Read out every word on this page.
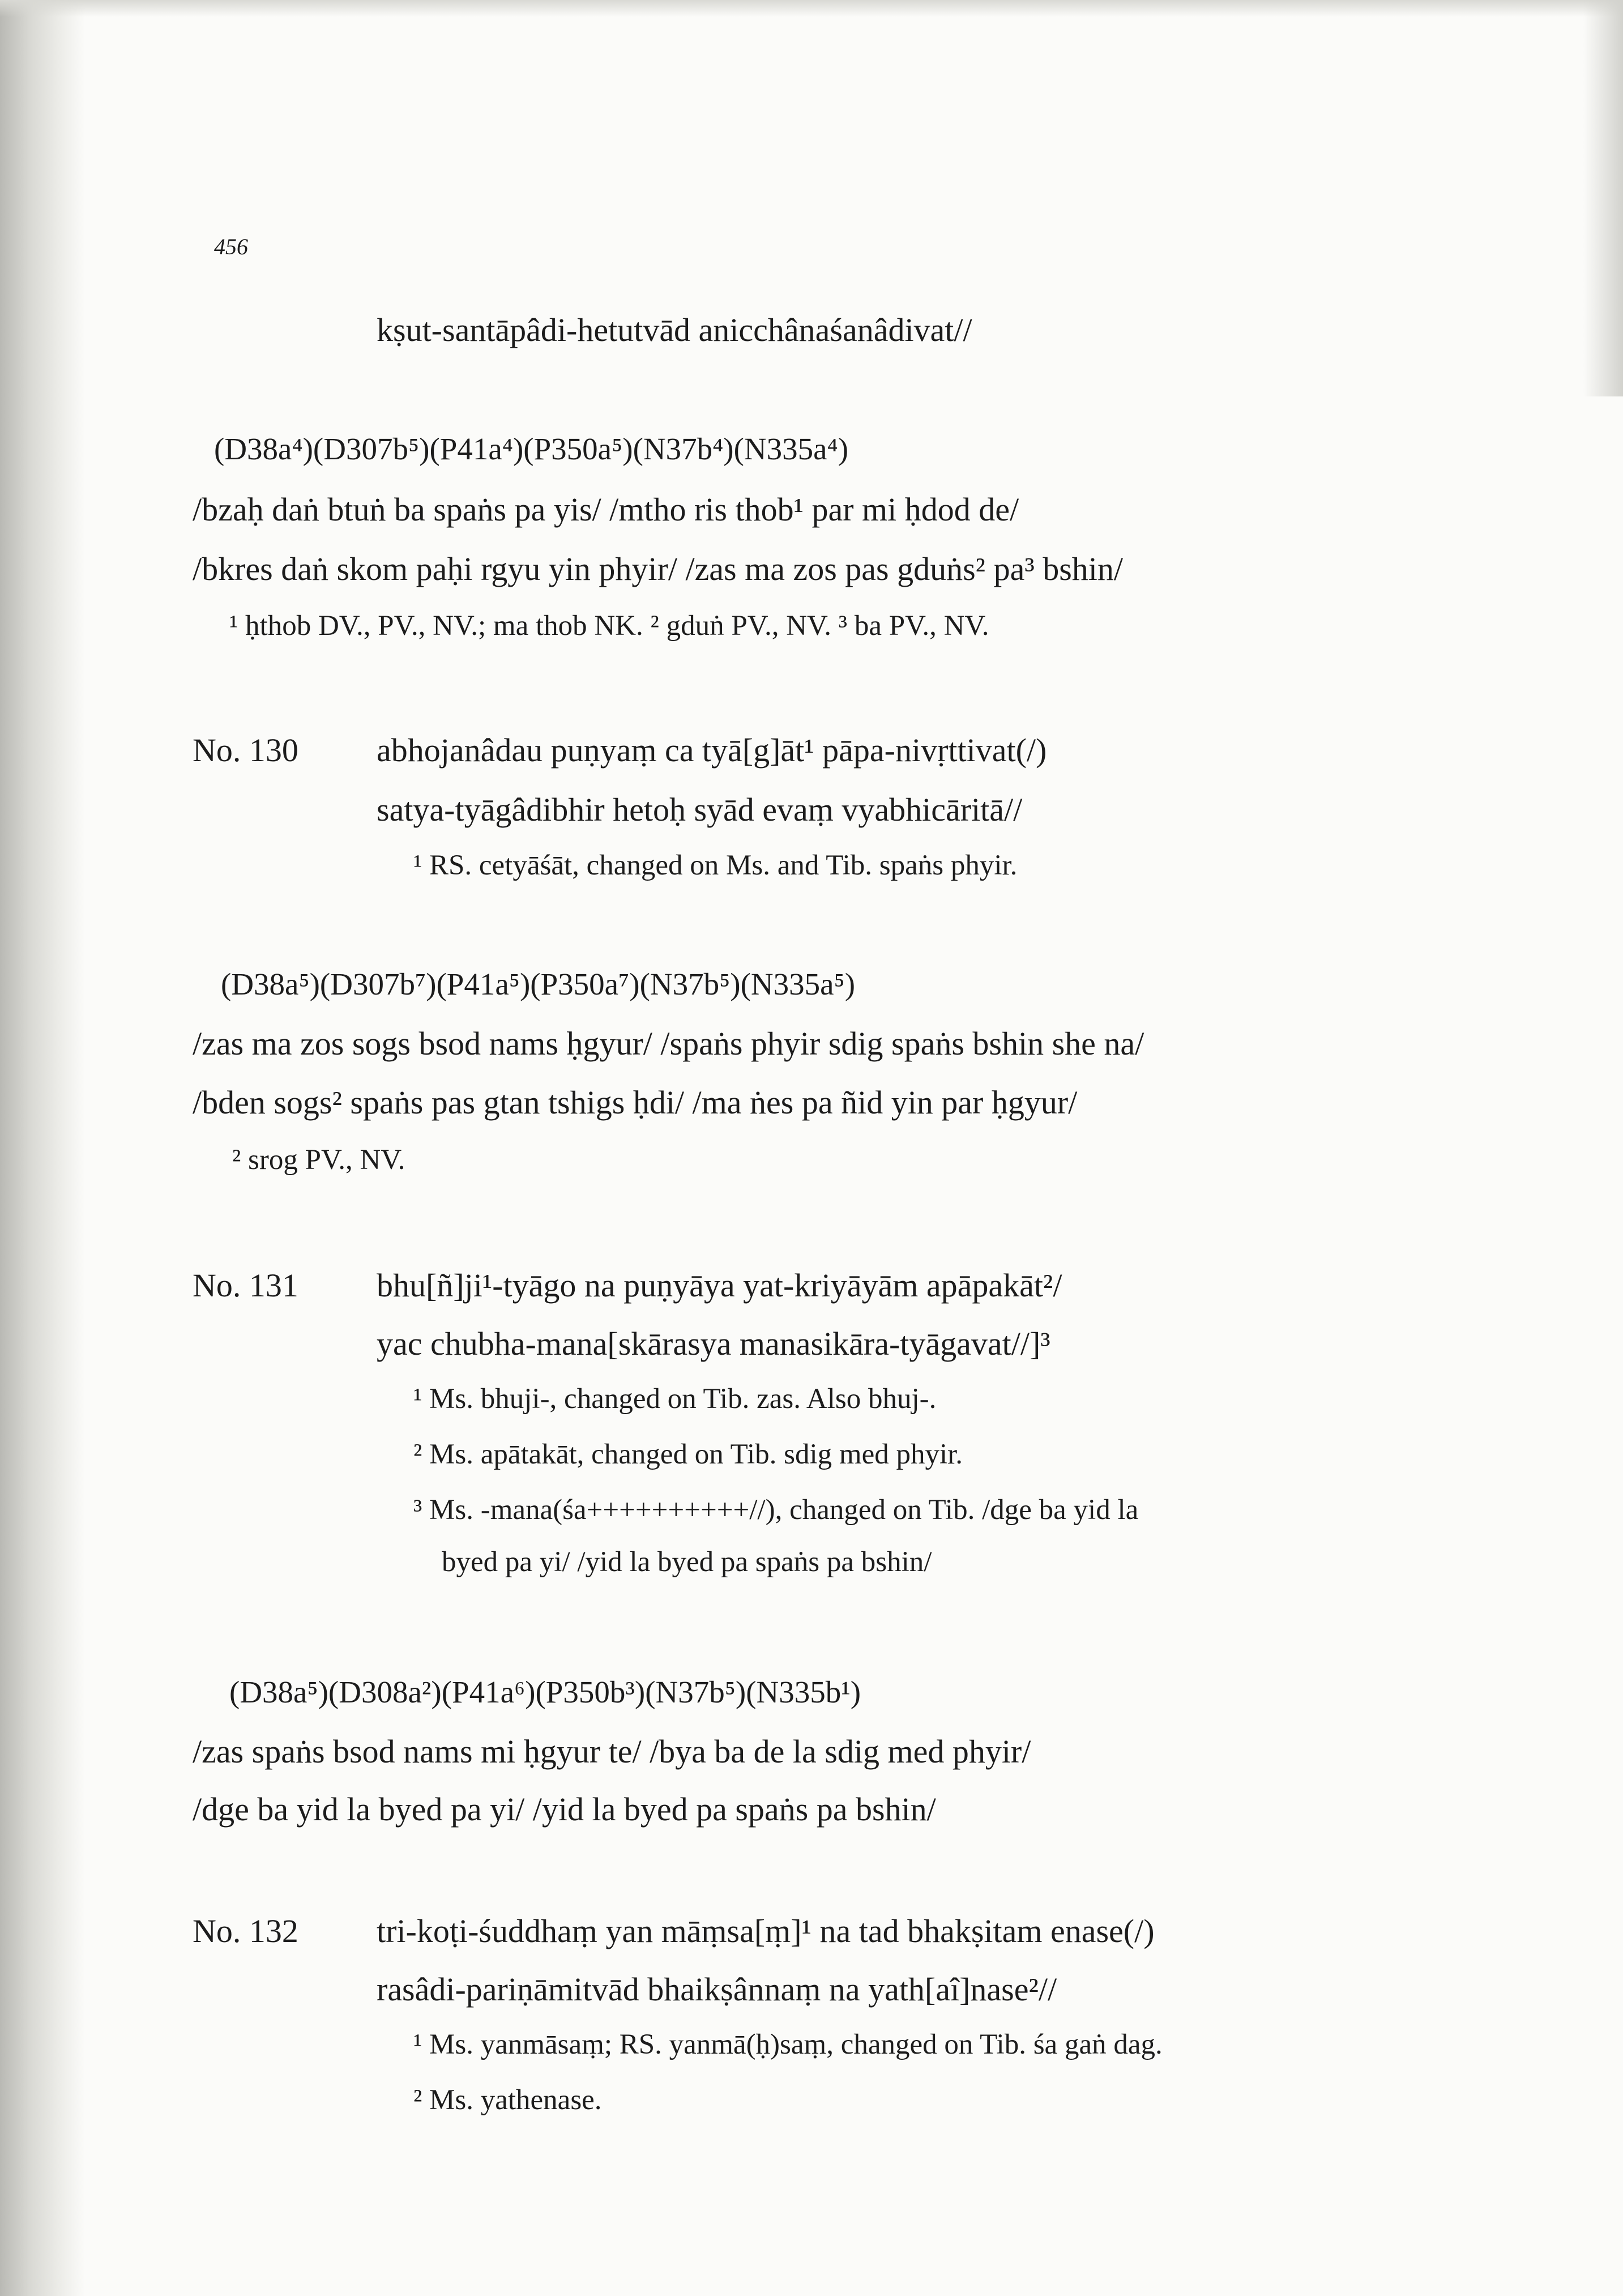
456
kṣut-santāpâdi-hetutvād anicchânaśanâdivat//
(D38a⁴)(D307b⁵)(P41a⁴)(P350a⁵)(N37b⁴)(N335a⁴)
/bzaḥ daṅ btuṅ ba spaṅs pa yis/ /mtho ris thob¹ par mi ḥdod de/
/bkres daṅ skom paḥi rgyu yin phyir/ /zas ma zos pas gduṅs² pa³ bshin/
¹ ḥthob DV., PV., NV.; ma thob NK. ² gduṅ PV., NV. ³ ba PV., NV.
No. 130 abhojanâdau puṇyaṃ ca tyā[g]āt¹ pāpa-nivṛttivat(/)
satya-tyāgâdibhir hetoḥ syād evaṃ vyabhicāritā//
¹ RS. cetyāśāt, changed on Ms. and Tib. spaṅs phyir.
(D38a⁵)(D307b⁷)(P41a⁵)(P350a⁷)(N37b⁵)(N335a⁵)
/zas ma zos sogs bsod nams ḥgyur/ /spaṅs phyir sdig spaṅs bshin she na/
/bden sogs² spaṅs pas gtan tshigs ḥdi/ /ma ṅes pa ñid yin par ḥgyur/
² srog PV., NV.
No. 131 bhu[ñ]ji¹-tyāgo na puṇyāya yat-kriyāyām apāpakāt²/
yac chubha-mana[skārasya manasikāra-tyāgavat//]³
¹ Ms. bhuji-, changed on Tib. zas. Also bhuj-.
² Ms. apātakāt, changed on Tib. sdig med phyir.
³ Ms. -mana(śa++++++++++//), changed on Tib. /dge ba yid la
byed pa yi/ /yid la byed pa spaṅs pa bshin/
(D38a⁵)(D308a²)(P41a⁶)(P350b³)(N37b⁵)(N335b¹)
/zas spaṅs bsod nams mi ḥgyur te/ /bya ba de la sdig med phyir/
/dge ba yid la byed pa yi/ /yid la byed pa spaṅs pa bshin/
No. 132 tri-koṭi-śuddhaṃ yan māṃsa[ṃ]¹ na tad bhakṣitam enase(/)
rasâdi-pariṇāmitvād bhaikṣânnaṃ na yath[aî]nase²//
¹ Ms. yanmāsaṃ; RS. yanmā(ḥ)saṃ, changed on Tib. śa gaṅ dag.
² Ms. yathenase.
